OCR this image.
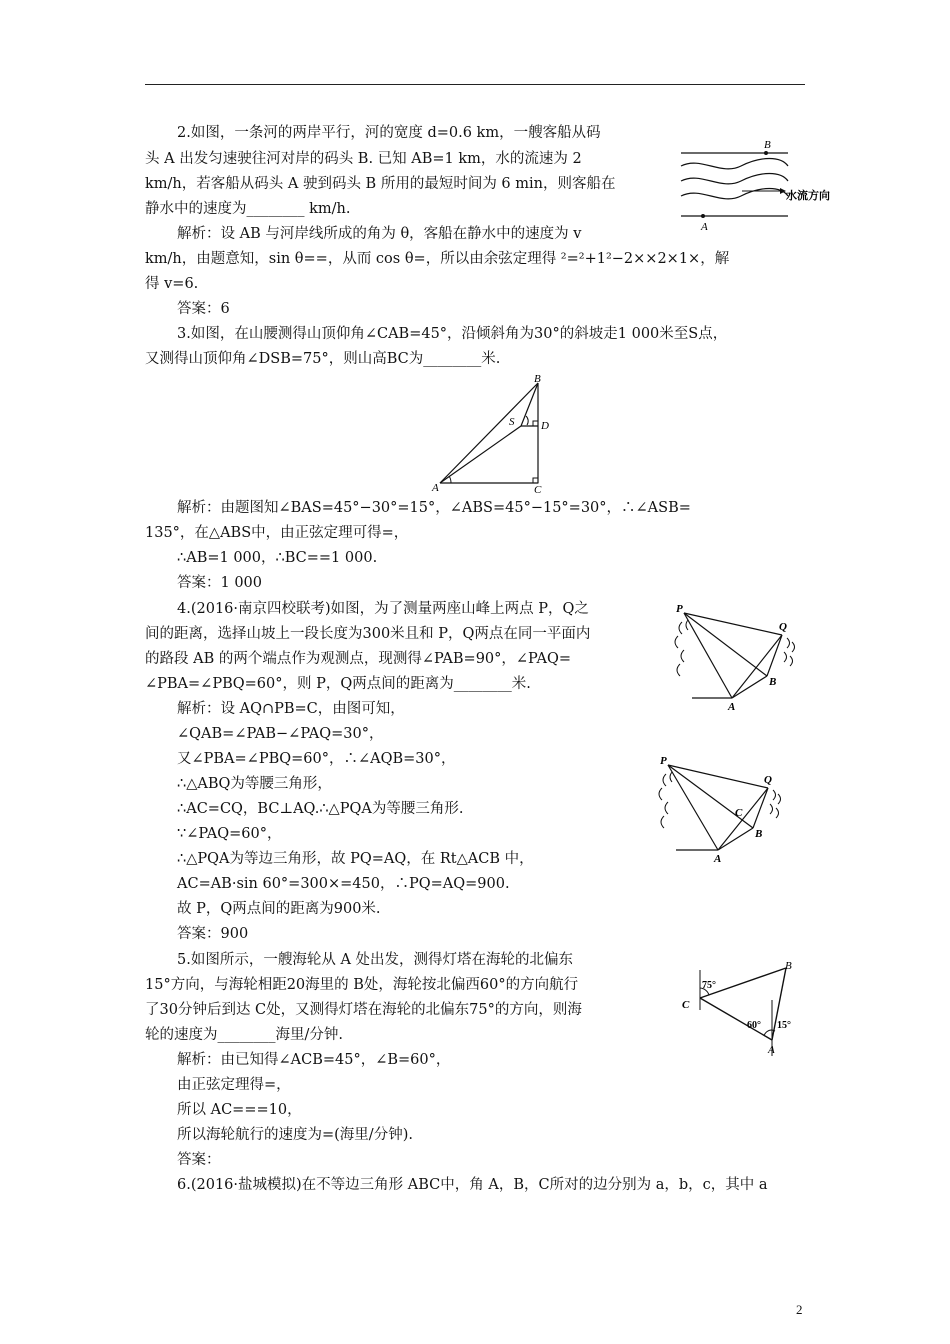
2.如图，一条河的两岸平行，河的宽度 d=0.6 km，一艘客船从码
头 A 出发匀速驶往河对岸的码头 B. 已知 AB=1 km，水的流速为 2
km/h，若客船从码头 A 驶到码头 B 所用的最短时间为 6 min，则客船在
静水中的速度为________ km/h.
解析：设 AB 与河岸线所成的角为 θ，客船在静水中的速度为 v
km/h，由题意知，sin θ==，从而 cos θ=，所以由余弦定理得 ²=²+1²−2××2×1×，解
得 v=6.
答案：6
3.如图，在山腰测得山顶仰角∠CAB=45°，沿倾斜角为30°的斜坡走1 000米至S点，
又测得山顶仰角∠DSB=75°，则山高BC为________米.
解析：由题图知∠BAS=45°−30°=15°，∠ABS=45°−15°=30°，∴∠ASB=
135°，在△ABS中，由正弦定理可得=，
∴AB=1 000，∴BC==1 000.
答案：1 000
4.(2016·南京四校联考)如图，为了测量两座山峰上两点 P，Q之
间的距离，选择山坡上一段长度为300米且和 P，Q两点在同一平面内
的路段 AB 的两个端点作为观测点，现测得∠PAB=90°，∠PAQ=
∠PBA=∠PBQ=60°，则 P，Q两点间的距离为________米.
解析：设 AQ∩PB=C，由图可知，
∠QAB=∠PAB−∠PAQ=30°，
又∠PBA=∠PBQ=60°，∴∠AQB=30°，
∴△ABQ为等腰三角形，
∴AC=CQ，BC⊥AQ.∴△PQA为等腰三角形.
∵∠PAQ=60°，
∴△PQA为等边三角形，故 PQ=AQ，在 Rt△ACB 中，
AC=AB·sin 60°=300×=450，∴PQ=AQ=900.
故 P，Q两点间的距离为900米.
答案：900
5.如图所示，一艘海轮从 A 处出发，测得灯塔在海轮的北偏东
15°方向，与海轮相距20海里的 B处，海轮按北偏西60°的方向航行
了30分钟后到达 C处，又测得灯塔在海轮的北偏东75°的方向，则海
轮的速度为________海里/分钟.
解析：由已知得∠ACB=45°，∠B=60°，
由正弦定理得=，
所以 AC===10，
所以海轮航行的速度为=(海里/分钟).
答案：
6.(2016·盐城模拟)在不等边三角形 ABC中，角 A，B，C所对的边分别为 a，b，c，其中 a
2
B
水流方向
A
B
S D
A	C
P
Q
B
A
P
Q
C
B
A
B
C
75°
60° 15°
A
